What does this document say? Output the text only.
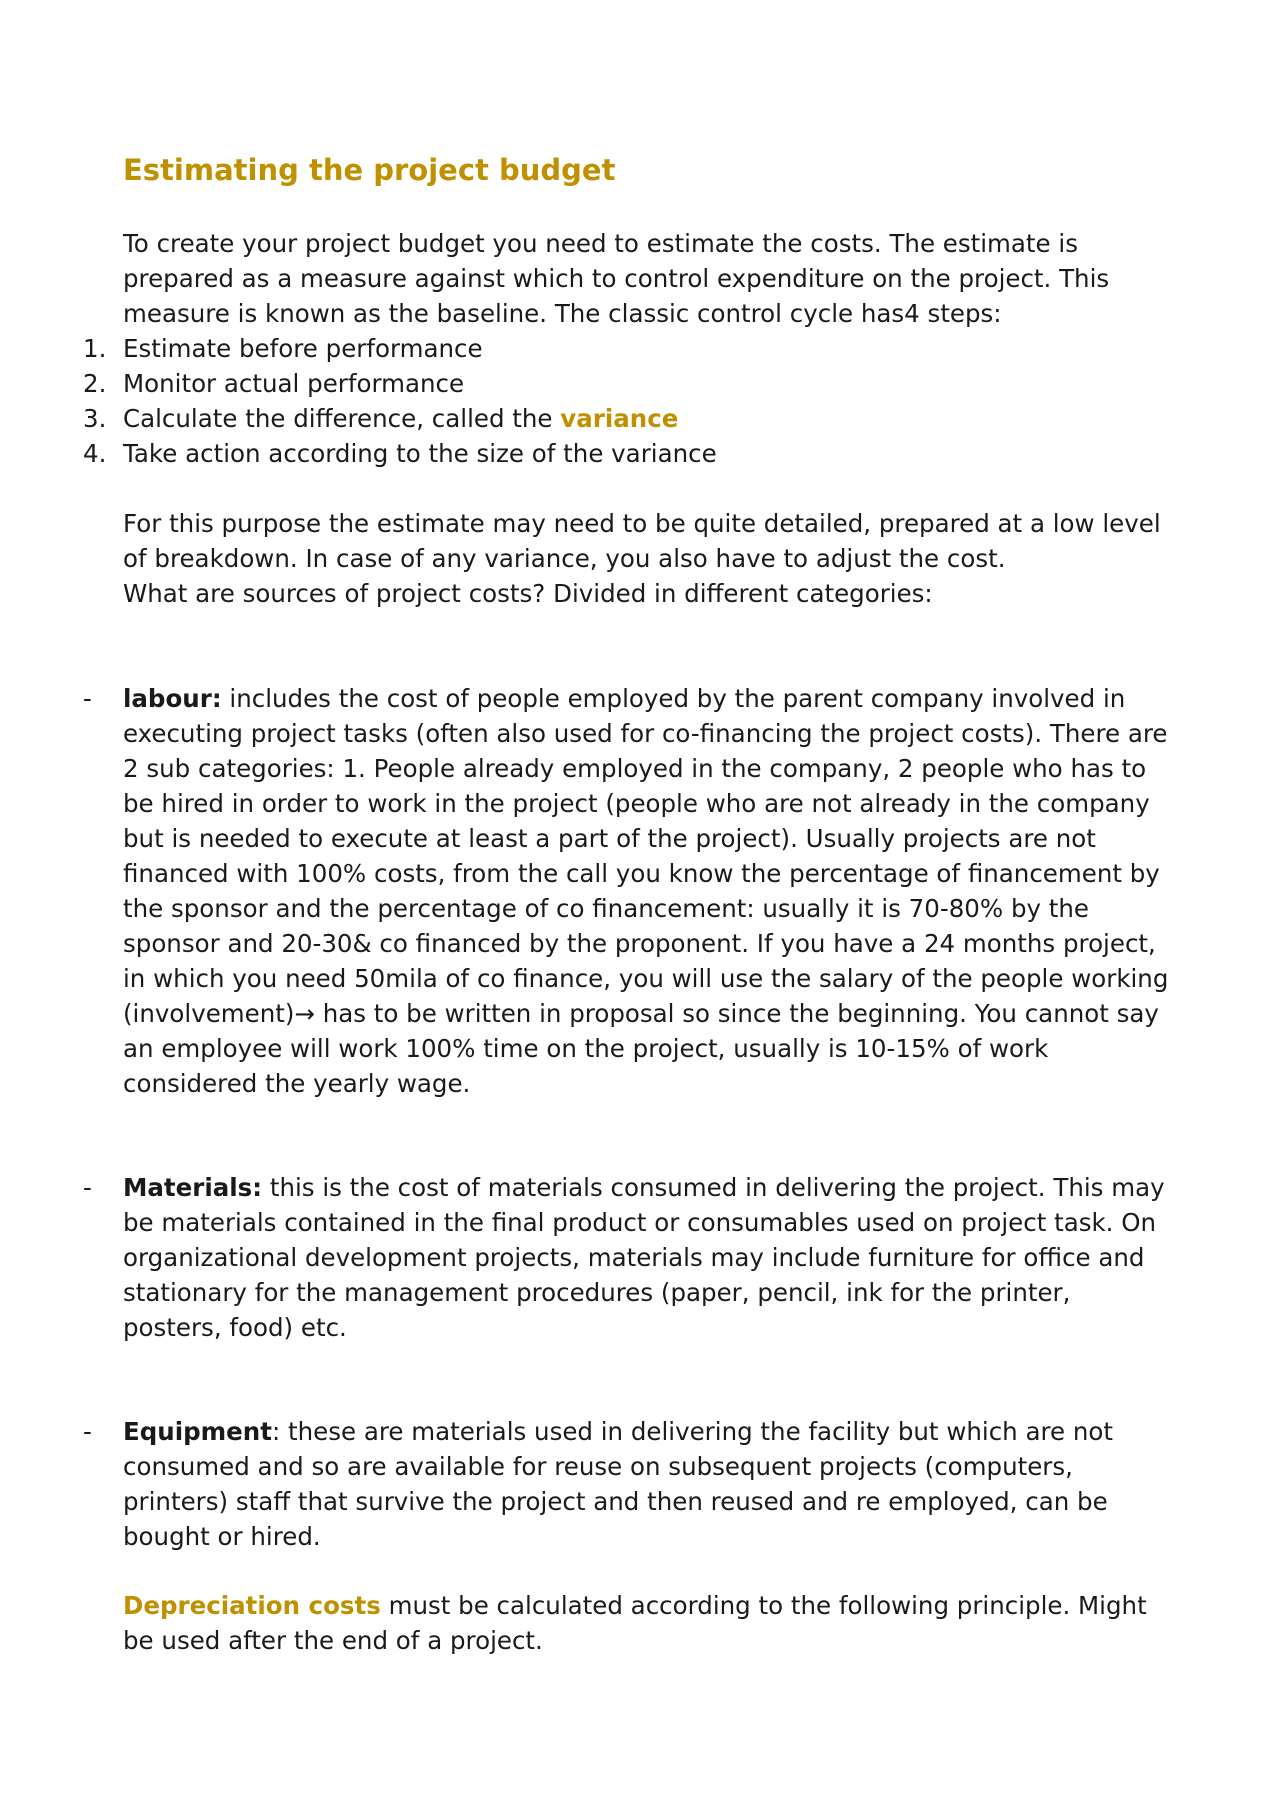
Estimating the project budget

To create your project budget you need to estimate the costs. The estimate is prepared as a measure against which to control expenditure on the project. This measure is known as the baseline. The classic control cycle has4 steps:

1. Estimate before performance
2. Monitor actual performance
3. Calculate the difference, called the variance
4. Take action according to the size of the variance

For this purpose the estimate may need to be quite detailed, prepared at a low level of breakdown. In case of any variance, you also have to adjust the cost.

What are sources of project costs? Divided in different categories:

- labour: includes the cost of people employed by the parent company involved in executing project tasks (often also used for co-financing the project costs). There are 2 sub categories: 1. People already employed in the company, 2 people who has to be hired in order to work in the project (people who are not already in the company but is needed to execute at least a part of the project). Usually projects are not financed with 100% costs, from the call you know the percentage of financement by the sponsor and the percentage of co financement: usually it is 70-80% by the sponsor and 20-30& co financed by the proponent. If you have a 24 months project, in which you need 50mila of co finance, you will use the salary of the people working (involvement)→ has to be written in proposal so since the beginning. You cannot say an employee will work 100% time on the project, usually is 10-15% of work considered the yearly wage.

- Materials: this is the cost of materials consumed in delivering the project. This may be materials contained in the final product or consumables used on project task. On organizational development projects, materials may include furniture for office and stationary for the management procedures (paper, pencil, ink for the printer, posters, food) etc.

- Equipment: these are materials used in delivering the facility but which are not consumed and so are available for reuse on subsequent projects (computers, printers) staff that survive the project and then reused and re employed, can be bought or hired.

Depreciation costs must be calculated according to the following principle. Might be used after the end of a project.
